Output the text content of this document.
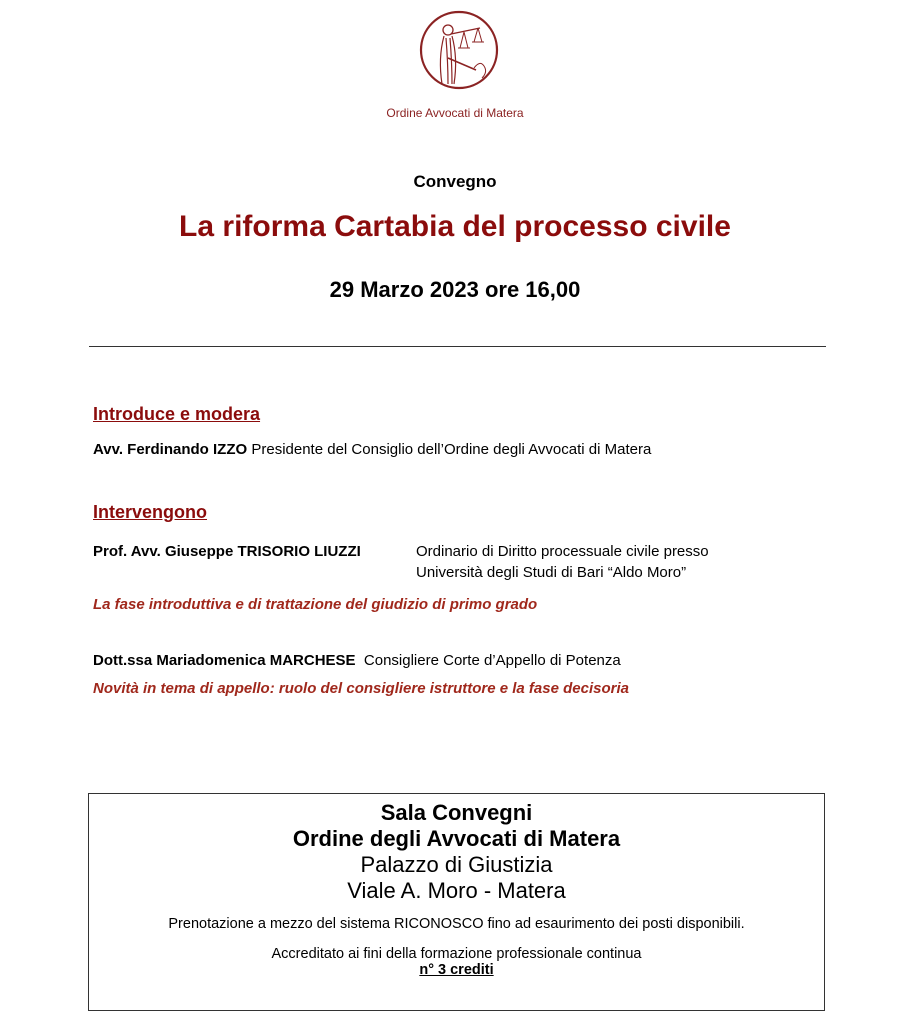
Ordine Avvocati di Matera
Convegno
La riforma Cartabia del processo civile
29 Marzo 2023 ore 16,00
Introduce e modera
Avv. Ferdinando IZZO Presidente del Consiglio dell’Ordine degli Avvocati di Matera
Intervengono
Prof. Avv. Giuseppe TRISORIO LIUZZI	Ordinario di Diritto processuale civile presso
Università degli Studi di Bari “Aldo Moro”
La fase introduttiva e di trattazione del giudizio di primo grado
Dott.ssa Mariadomenica MARCHESE Consigliere Corte d’Appello di Potenza
Novità in tema di appello: ruolo del consigliere istruttore e la fase decisoria
Sala Convegni
Ordine degli Avvocati di Matera
Palazzo di Giustizia
Viale A. Moro - Matera
Prenotazione a mezzo del sistema RICONOSCO fino ad esaurimento dei posti disponibili.
Accreditato ai fini della formazione professionale continua
n° 3 crediti
